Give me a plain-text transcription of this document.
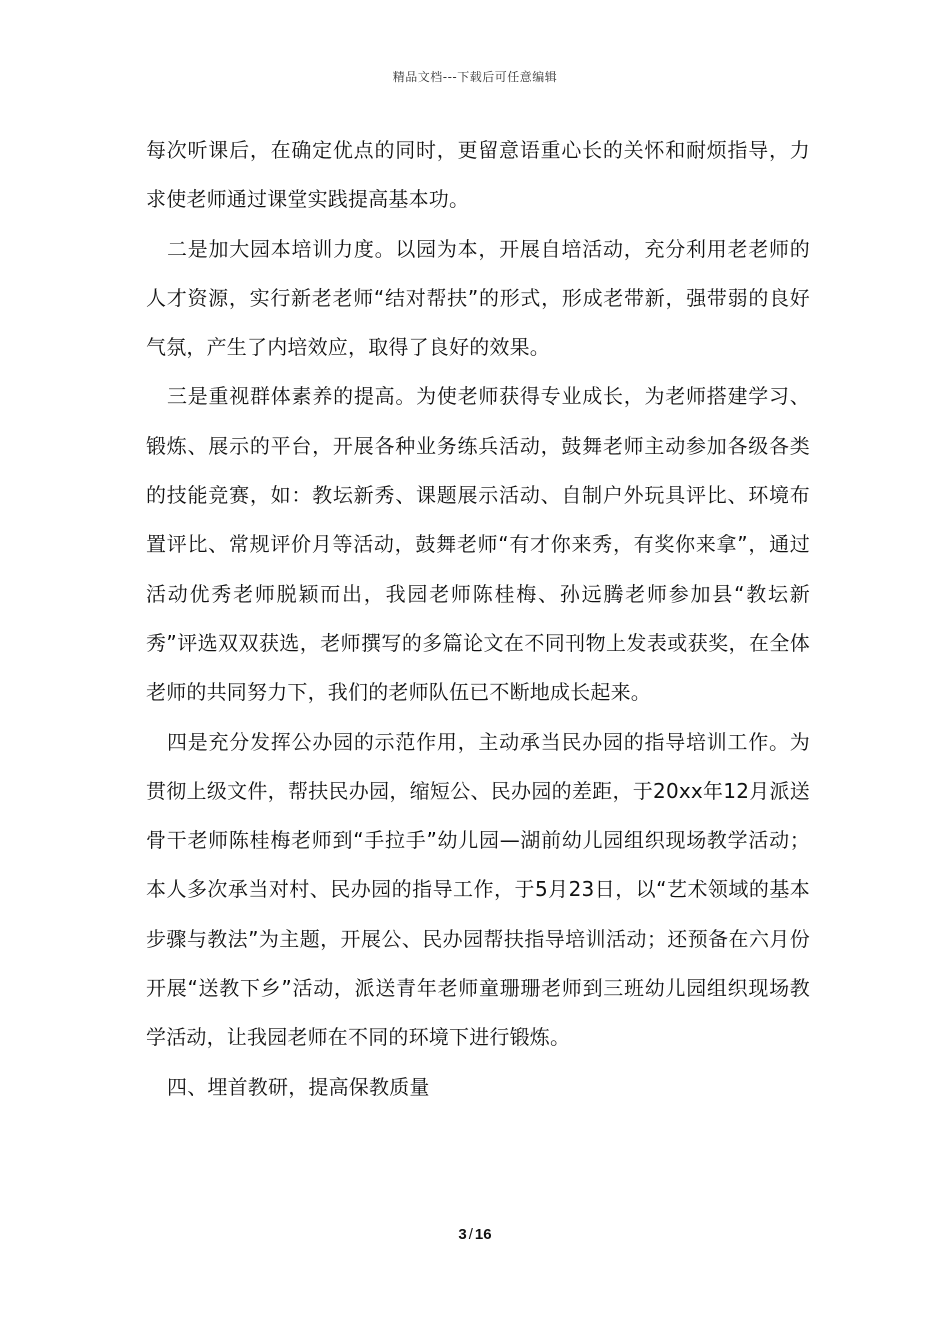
精品文档---下载后可任意编辑

每次听课后，在确定优点的同时，更留意语重心长的关怀和耐烦指导，力求使老师通过课堂实践提高基本功。

二是加大园本培训力度。以园为本，开展自培活动，充分利用老老师的人才资源，实行新老老师“结对帮扶”的形式，形成老带新，强带弱的良好气氛，产生了内培效应，取得了良好的效果。

三是重视群体素养的提高。为使老师获得专业成长，为老师搭建学习、锻炼、展示的平台，开展各种业务练兵活动，鼓舞老师主动参加各级各类的技能竞赛，如：教坛新秀、课题展示活动、自制户外玩具评比、环境布置评比、常规评价月等活动，鼓舞老师“有才你来秀，有奖你来拿”，通过活动优秀老师脱颖而出，我园老师陈桂梅、孙远腾老师参加县“教坛新秀”评选双双获选，老师撰写的多篇论文在不同刊物上发表或获奖，在全体老师的共同努力下，我们的老师队伍已不断地成长起来。

四是充分发挥公办园的示范作用，主动承当民办园的指导培训工作。为贯彻上级文件，帮扶民办园，缩短公、民办园的差距，于20xx年12月派送骨干老师陈桂梅老师到“手拉手”幼儿园—湖前幼儿园组织现场教学活动；本人多次承当对村、民办园的指导工作，于5月23日，以“艺术领域的基本步骤与教法”为主题，开展公、民办园帮扶指导培训活动；还预备在六月份开展“送教下乡”活动，派送青年老师童珊珊老师到三班幼儿园组织现场教学活动，让我园老师在不同的环境下进行锻炼。

四、埋首教研，提高保教质量

3 / 16
